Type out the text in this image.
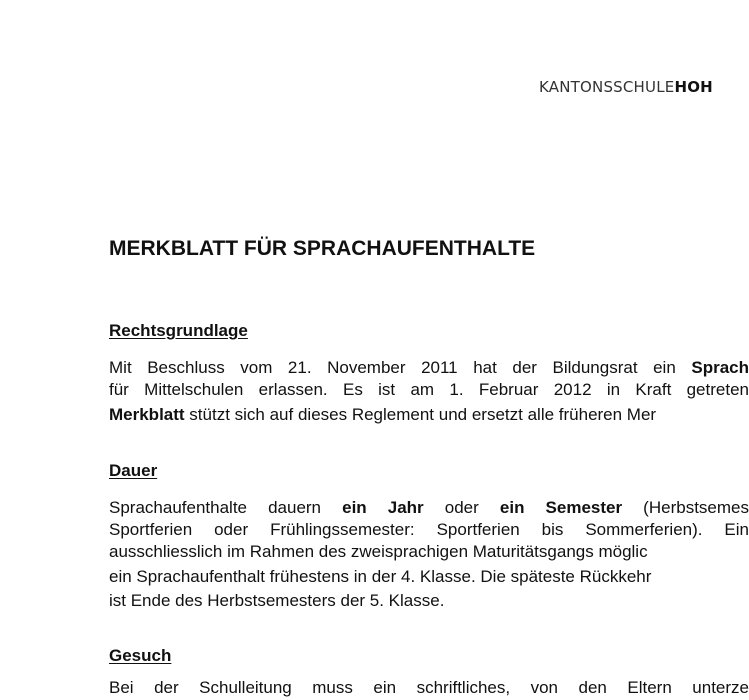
KANTONSSCHULEHOH
MERKBLATT FÜR SPRACHAUFENTHALTE
Rechtsgrundlage

Mit Beschluss vom 21. November 2011 hat der Bildungsrat ein Sprach

für Mittelschulen erlassen. Es ist am 1. Februar 2012 in Kraft getreten

Merkblatt stützt sich auf dieses Reglement und ersetzt alle früheren Mer

Dauer

Sprachaufenthalte dauern ein Jahr oder ein Semester (Herbstsemes

Sportferien oder Frühlingssemester: Sportferien bis Sommerferien). Ein

ausschliesslich im Rahmen des zweisprachigen Maturitätsgangs möglic

ein Sprachaufenthalt frühestens in der 4. Klasse. Die späteste Rückkehr

ist Ende des Herbstsemesters der 5. Klasse.

Gesuch

Bei der Schulleitung muss ein schriftliches, von den Eltern unterze
